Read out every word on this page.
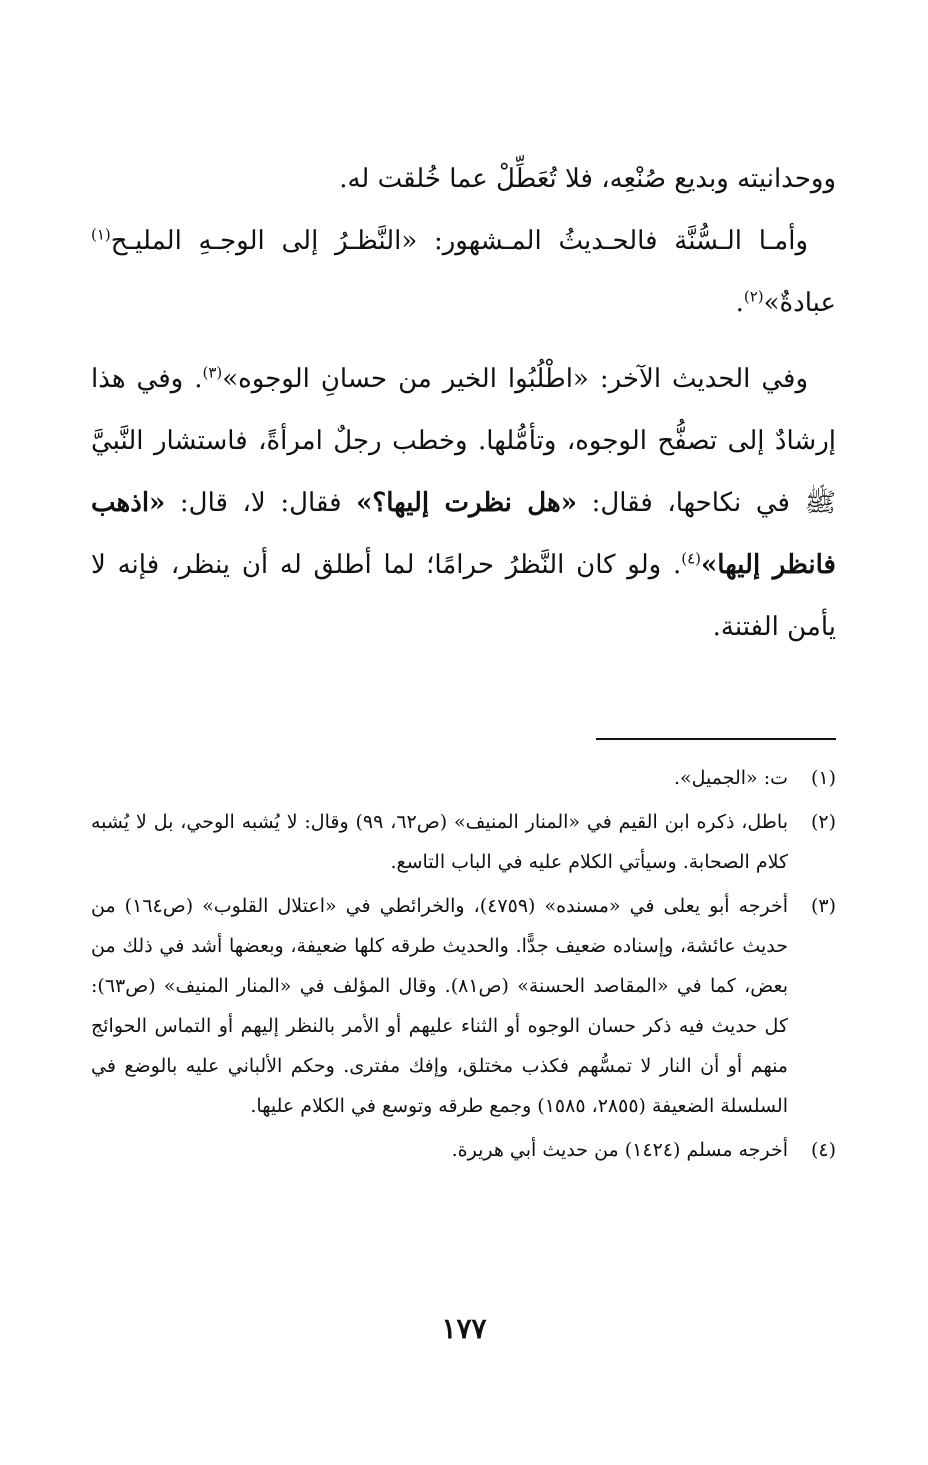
ووحدانيته وبديع صُنْعِه، فلا تُعَطِّلْ عما خُلقت له.

وأمـا الـسُّنَّة فالحـديثُ المـشهور: «النَّظـرُ إلى الوجـهِ المليـح$^{(١)}$ عبادةٌ»$^{(٢)}$.

وفي الحديث الآخر: «اطْلُبُوا الخير من حسانِ الوجوه»$^{(٣)}$. وفي هذا إرشادٌ إلى تصفُّح الوجوه، وتأمُّلها. وخطب رجلٌ امرأةً، فاستشار النَّبيَّ ﷺ في نكاحها، فقال: «هل نظرت إليها؟» فقال: لا، قال: «اذهب فانظر إليها»$^{(٤)}$. ولو كان النَّظرُ حرامًا؛ لما أطلق له أن ينظر، فإنه لا يأمن الفتنة.

(١)
ت: «الجميل».
(٢)
باطل، ذكره ابن القيم في «المنار المنيف» (ص٦٢، ٩٩) وقال: لا يُشبه الوحي، بل لا يُشبه كلام الصحابة. وسيأتي الكلام عليه في الباب التاسع.
(٣)
أخرجه أبو يعلى في «مسنده» (٤٧٥٩)، والخرائطي في «اعتلال القلوب» (ص١٦٤) من حديث عائشة، وإسناده ضعيف جدًّا. والحديث طرقه كلها ضعيفة، وبعضها أشد في ذلك من بعض، كما في «المقاصد الحسنة» (ص٨١). وقال المؤلف في «المنار المنيف» (ص٦٣): كل حديث فيه ذكر حسان الوجوه أو الثناء عليهم أو الأمر بالنظر إليهم أو التماس الحوائج منهم أو أن النار لا تمسُّهم فكذب مختلق، وإفك مفترى. وحكم الألباني عليه بالوضع في السلسلة الضعيفة (٢٨٥٥، ١٥٨٥) وجمع طرقه وتوسع في الكلام عليها.
(٤)
أخرجه مسلم (١٤٢٤) من حديث أبي هريرة.
١٧٧
